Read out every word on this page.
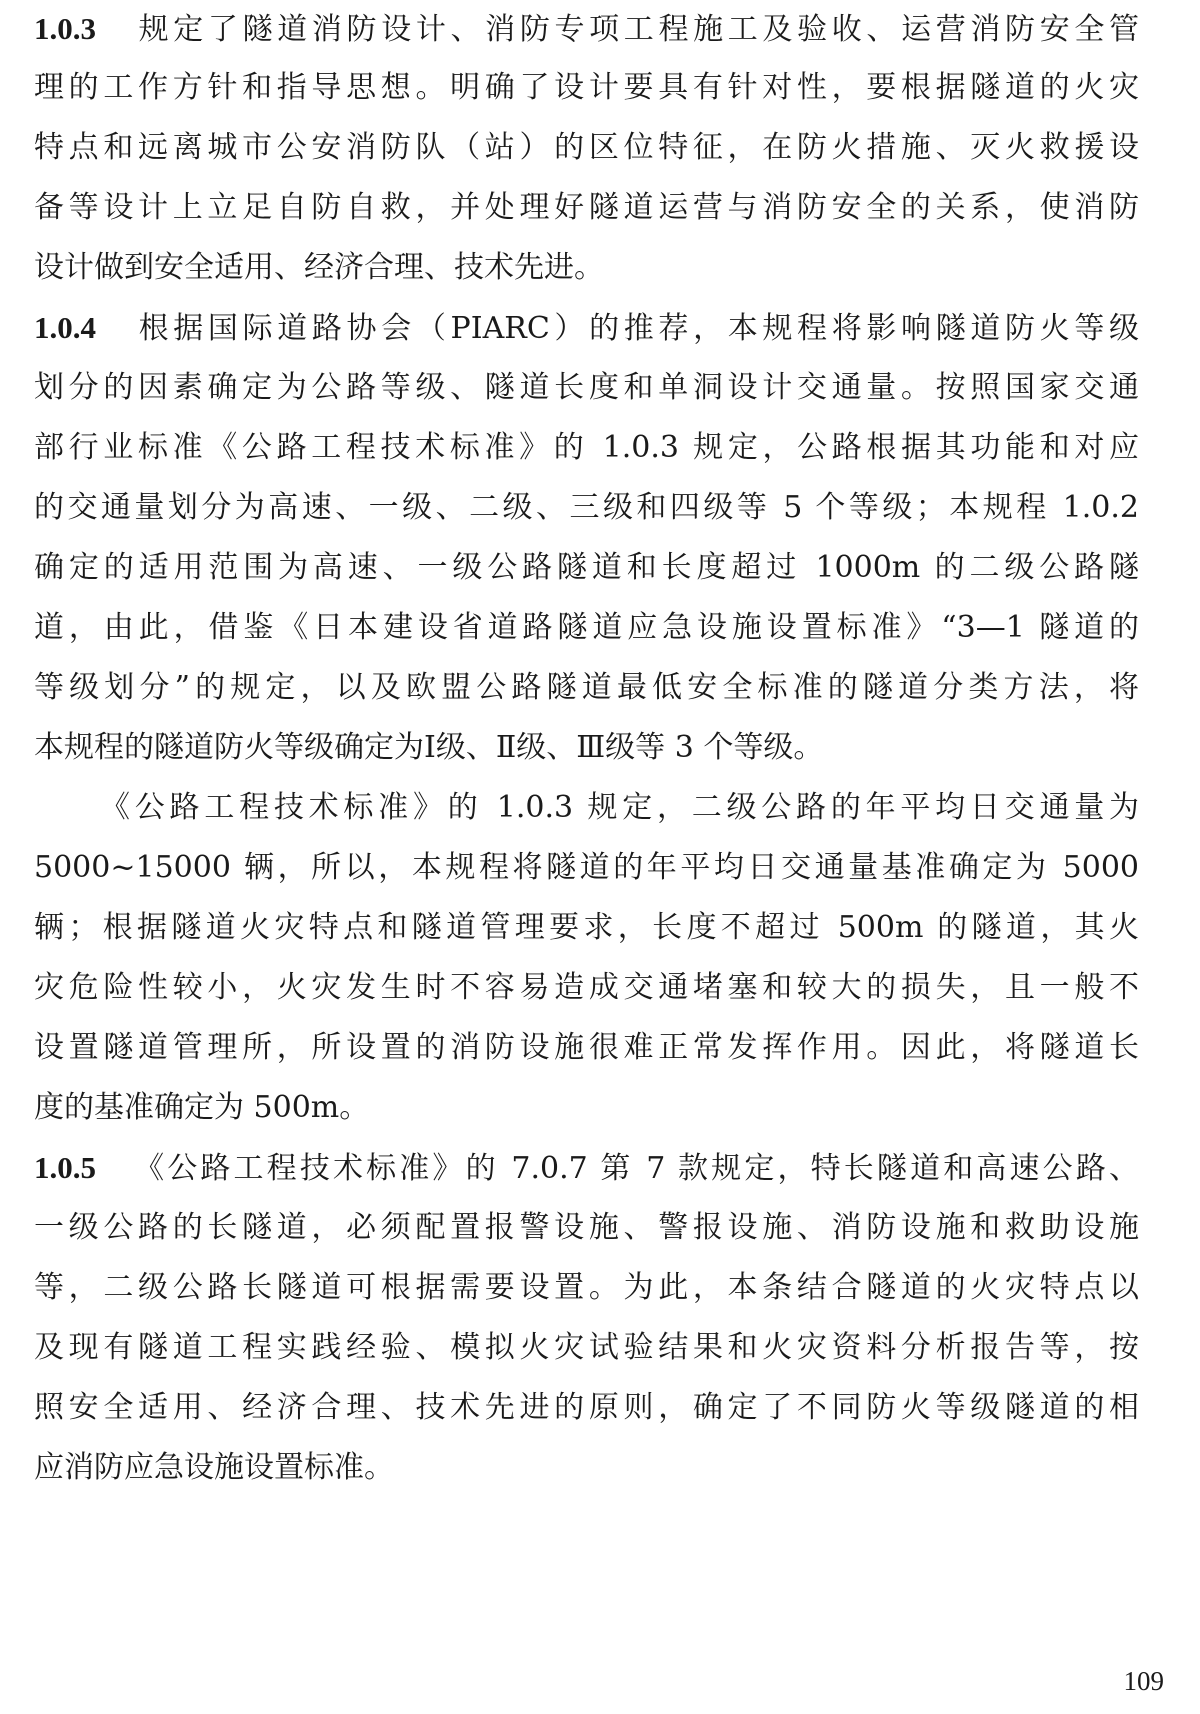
1.0.3 规定了隧道消防设计、消防专项工程施工及验收、运营消防安全管
理的工作方针和指导思想。明确了设计要具有针对性，要根据隧道的火灾
特点和远离城市公安消防队（站）的区位特征，在防火措施、灭火救援设
备等设计上立足自防自救，并处理好隧道运营与消防安全的关系，使消防
设计做到安全适用、经济合理、技术先进。
1.0.4 根据国际道路协会（PIARC）的推荐，本规程将影响隧道防火等级
划分的因素确定为公路等级、隧道长度和单洞设计交通量。按照国家交通
部行业标准《公路工程技术标准》的 1.0.3 规定，公路根据其功能和对应
的交通量划分为高速、一级、二级、三级和四级等 5 个等级；本规程 1.0.2
确定的适用范围为高速、一级公路隧道和长度超过 1000m 的二级公路隧
道，由此，借鉴《日本建设省道路隧道应急设施设置标准》“3—1 隧道的
等级划分”的规定，以及欧盟公路隧道最低安全标准的隧道分类方法，将
本规程的隧道防火等级确定为Ⅰ级、Ⅱ级、Ⅲ级等 3 个等级。
《公路工程技术标准》的 1.0.3 规定，二级公路的年平均日交通量为
5000~15000 辆，所以，本规程将隧道的年平均日交通量基准确定为 5000
辆；根据隧道火灾特点和隧道管理要求，长度不超过 500m 的隧道，其火
灾危险性较小，火灾发生时不容易造成交通堵塞和较大的损失，且一般不
设置隧道管理所，所设置的消防设施很难正常发挥作用。因此，将隧道长
度的基准确定为 500m。
1.0.5 《公路工程技术标准》的 7.0.7 第 7 款规定，特长隧道和高速公路、
一级公路的长隧道，必须配置报警设施、警报设施、消防设施和救助设施
等，二级公路长隧道可根据需要设置。为此，本条结合隧道的火灾特点以
及现有隧道工程实践经验、模拟火灾试验结果和火灾资料分析报告等，按
照安全适用、经济合理、技术先进的原则，确定了不同防火等级隧道的相
应消防应急设施设置标准。
109
